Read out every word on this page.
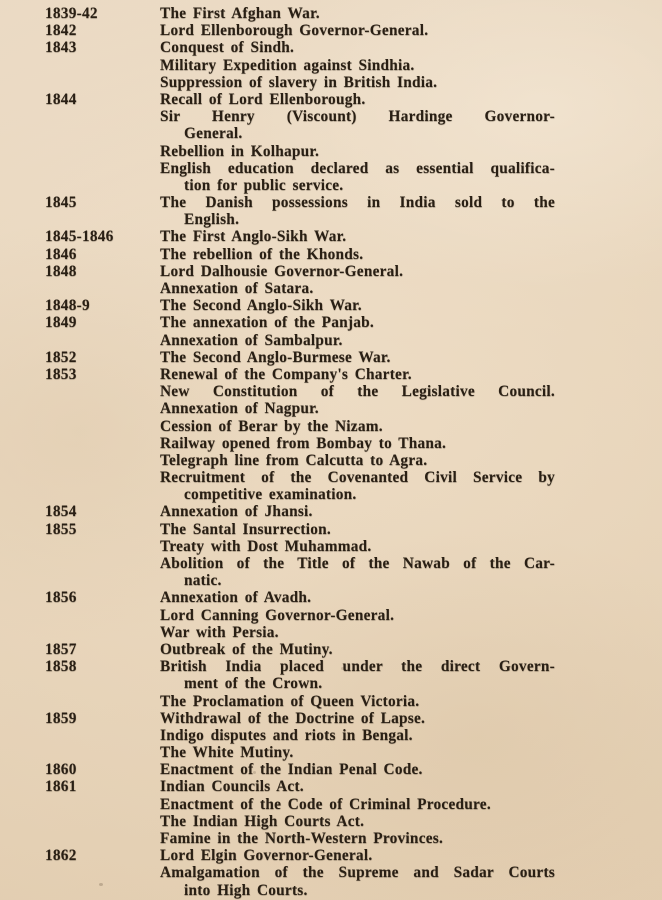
1839-42	The First Afghan War.
1842	Lord Ellenborough Governor-General.
1843	Conquest of Sindh.
Military Expedition against Sindhia.
Suppression of slavery in British India.
1844	Recall of Lord Ellenborough.
Sir Henry (Viscount) Hardinge Governor-
General.
Rebellion in Kolhapur.
English education declared as essential qualifica-
tion for public service.
1845	The Danish possessions in India sold to the
English.
1845-1846	The First Anglo-Sikh War.
1846	The rebellion of the Khonds.
1848	Lord Dalhousie Governor-General.
Annexation of Satara.
1848-9	The Second Anglo-Sikh War.
1849	The annexation of the Panjab.
Annexation of Sambalpur.
1852	The Second Anglo-Burmese War.
1853	Renewal of the Company's Charter.
New Constitution of the Legislative Council.
Annexation of Nagpur.
Cession of Berar by the Nizam.
Railway opened from Bombay to Thana.
Telegraph line from Calcutta to Agra.
Recruitment of the Covenanted Civil Service by
competitive examination.
1854	Annexation of Jhansi.
1855	The Santal Insurrection.
Treaty with Dost Muhammad.
Abolition of the Title of the Nawab of the Car-
natic.
1856	Annexation of Avadh.
Lord Canning Governor-General.
War with Persia.
1857	Outbreak of the Mutiny.
1858	British India placed under the direct Govern-
ment of the Crown.
The Proclamation of Queen Victoria.
1859	Withdrawal of the Doctrine of Lapse.
Indigo disputes and riots in Bengal.
The White Mutiny.
1860	Enactment of the Indian Penal Code.
1861	Indian Councils Act.
Enactment of the Code of Criminal Procedure.
The Indian High Courts Act.
Famine in the North-Western Provinces.
1862	Lord Elgin Governor-General.
Amalgamation of the Supreme and Sadar Courts
into High Courts.
